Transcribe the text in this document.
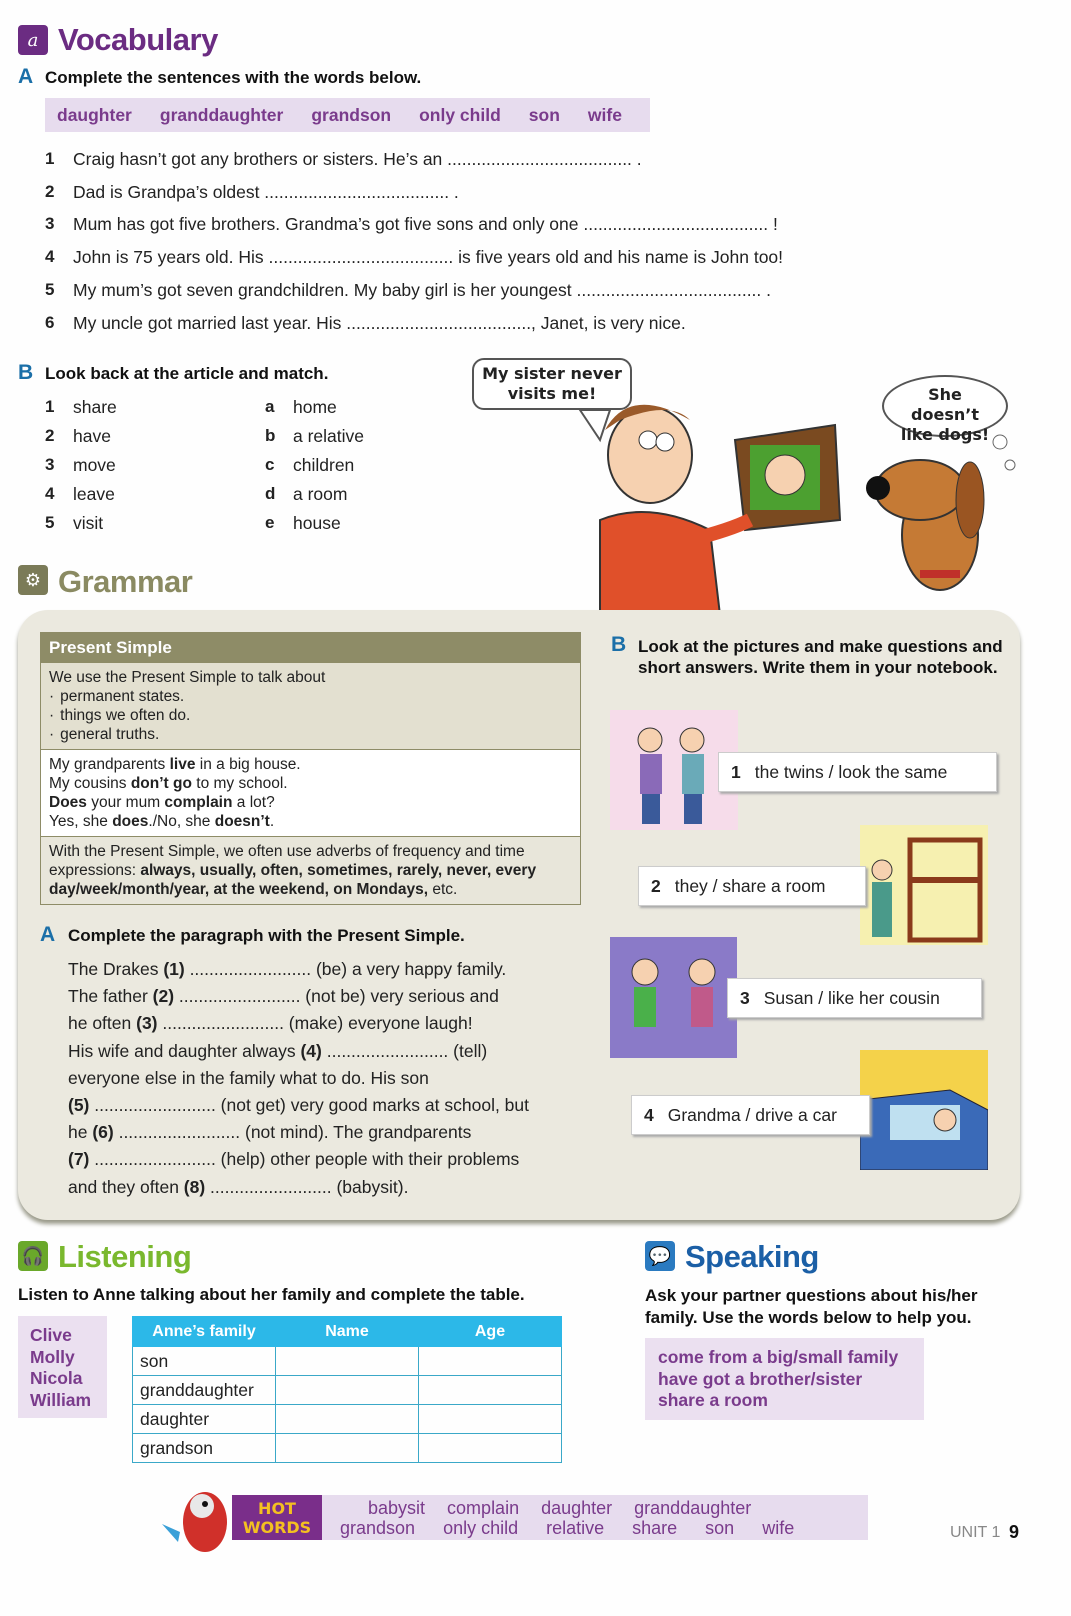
a Vocabulary
A Complete the sentences with the words below.
daughter granddaughter grandson only child son wife
1 Craig hasn’t got any brothers or sisters. He’s an ...................................... .
2 Dad is Grandpa’s oldest ...................................... .
3 Mum has got five brothers. Grandma’s got five sons and only one ...................................... !
4 John is 75 years old. His ...................................... is five years old and his name is John too!
5 My mum’s got seven grandchildren. My baby girl is her youngest ...................................... .
6 My uncle got married last year. His ......................................, Janet, is very nice.
B Look back at the article and match.
1 share	a home
2 have	b a relative
3 move	c children
4 leave	d a room
5 visit	e house
My sister never visits me!	She doesn’t like dogs!
⚙ Grammar
Present Simple
We use the Present Simple to talk about
· permanent states.
· things we often do.
· general truths.
My grandparents live in a big house.
My cousins don’t go to my school.
Does your mum complain a lot?
Yes, she does./No, she doesn’t.
With the Present Simple, we often use adverbs of frequency and time expressions: always, usually, often, sometimes, rarely, never, every day/week/month/year, at the weekend, on Mondays, etc.
A Complete the paragraph with the Present Simple.
The Drakes (1) ......................... (be) a very happy family.
The father (2) ......................... (not be) very serious and
he often (3) ......................... (make) everyone laugh!
His wife and daughter always (4) ......................... (tell)
everyone else in the family what to do. His son
(5) ......................... (not get) very good marks at school, but
he (6) ......................... (not mind). The grandparents
(7) ......................... (help) other people with their problems
and they often (8) ......................... (babysit).
B Look at the pictures and make questions and short answers. Write them in your notebook.
1 the twins / look the same
2 they / share a room
3 Susan / like her cousin
4 Grandma / drive a car
🎧 Listening
Listen to Anne talking about her family and complete the table.
Clive
Molly
Nicola
William
Anne’s family	Name	Age
son		
granddaughter		
daughter		
grandson		
💬 Speaking
Ask your partner questions about his/her family. Use the words below to help you.
come from a big/small family
have got a brother/sister
share a room
HOT
WORDS
babysit complain daughter granddaughter
grandson only child relative share son wife	UNIT 1 9
